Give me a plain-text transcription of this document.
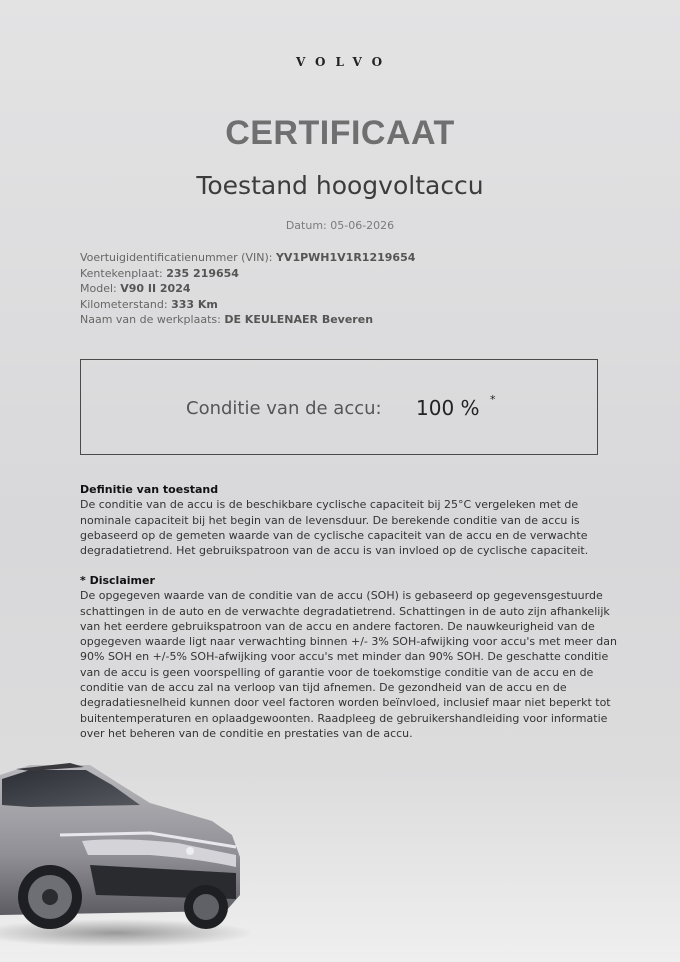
VOLVO
CERTIFICAAT
Toestand hoogvoltaccu
Datum: 05-06-2026
Voertuigidentificatienummer (VIN): YV1PWH1V1R1219654
Kentekenplaat: 235 219654
Model: V90 II 2024
Kilometerstand: 333 Km
Naam van de werkplaats: DE KEULENAER Beveren
Conditie van de accu: 100 % *
Definitie van toestand
De conditie van de accu is de beschikbare cyclische capaciteit bij 25°C vergeleken met de nominale capaciteit bij het begin van de levensduur. De berekende conditie van de accu is gebaseerd op de gemeten waarde van de cyclische capaciteit van de accu en de verwachte degradatietrend. Het gebruikspatroon van de accu is van invloed op de cyclische capaciteit.
* Disclaimer
De opgegeven waarde van de conditie van de accu (SOH) is gebaseerd op gegevensgestuurde schattingen in de auto en de verwachte degradatietrend. Schattingen in de auto zijn afhankelijk van het eerdere gebruikspatroon van de accu en andere factoren. De nauwkeurigheid van de opgegeven waarde ligt naar verwachting binnen +/- 3% SOH-afwijking voor accu's met meer dan 90% SOH en +/-5% SOH-afwijking voor accu's met minder dan 90% SOH. De geschatte conditie van de accu is geen voorspelling of garantie voor de toekomstige conditie van de accu en de conditie van de accu zal na verloop van tijd afnemen. De gezondheid van de accu en de degradatiesnelheid kunnen door veel factoren worden beïnvloed, inclusief maar niet beperkt tot buitentemperaturen en oplaadgewoonten. Raadpleeg de gebruikershandleiding voor informatie over het beheren van de conditie en prestaties van de accu.
